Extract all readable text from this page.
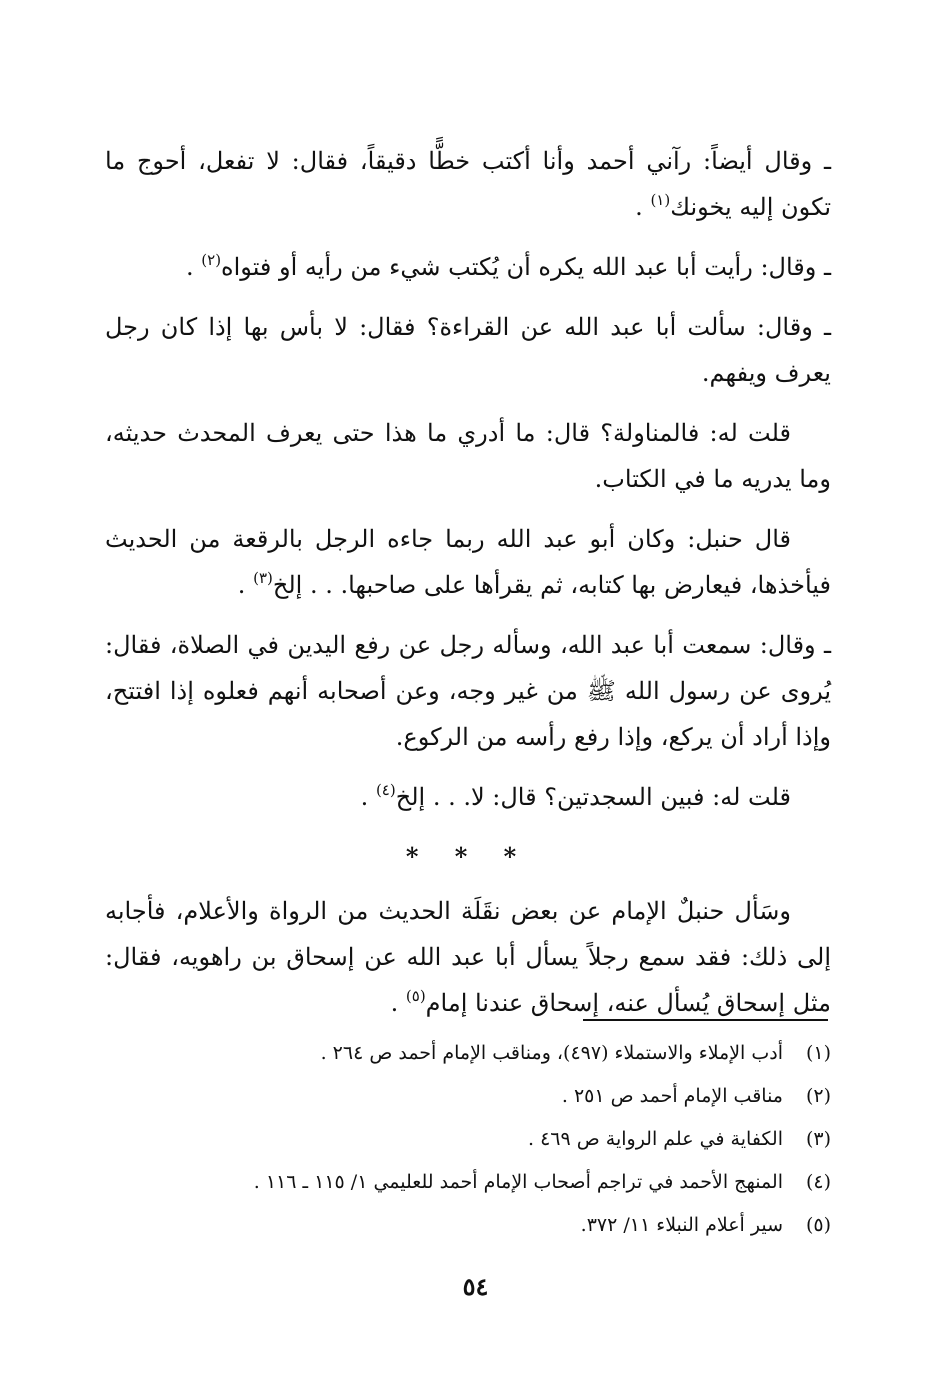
ـ وقال أيضاً: رآني أحمد وأنا أكتب خطًّا دقيقاً، فقال: لا تفعل، أحوج ما تكون إليه يخونك$^{(١)}$ .

ـ وقال: رأيت أبا عبد الله يكره أن يُكتب شيء من رأيه أو فتواه$^{(٢)}$ .

ـ وقال: سألت أبا عبد الله عن القراءة؟ فقال: لا بأس بها إذا كان رجل يعرف ويفهم.

قلت له: فالمناولة؟ قال: ما أدري ما هذا حتى يعرف المحدث حديثه، وما يدريه ما في الكتاب.

قال حنبل: وكان أبو عبد الله ربما جاءه الرجل بالرقعة من الحديث فيأخذها، فيعارض بها كتابه، ثم يقرأها على صاحبها. . . إلخ$^{(٣)}$ .

ـ وقال: سمعت أبا عبد الله، وسأله رجل عن رفع اليدين في الصلاة، فقال: يُروى عن رسول الله ﷺ من غير وجه، وعن أصحابه أنهم فعلوه إذا افتتح، وإذا أراد أن يركع، وإذا رفع رأسه من الركوع.

قلت له: فبين السجدتين؟ قال: لا. . . إلخ$^{(٤)}$ .

* * *

وسَأل حنبلٌ الإمام عن بعض نقَلَة الحديث من الرواة والأعلام، فأجابه إلى ذلك: فقد سمع رجلاً يسأل أبا عبد الله عن إسحاق بن راهويه، فقال: مثل إسحاق يُسأل عنه، إسحاق عندنا إمام$^{(٥)}$ .

(١)
أدب الإملاء والاستملاء (٤٩٧)، ومناقب الإمام أحمد ص ٢٦٤ .
(٢)
مناقب الإمام أحمد ص ٢٥١ .
(٣)
الكفاية في علم الرواية ص ٤٦٩ .
(٤)
المنهج الأحمد في تراجم أصحاب الإمام أحمد للعليمي ١/ ١١٥ ـ ١١٦ .
(٥)
سير أعلام النبلاء ١١/ ٣٧٢.
٥٤
